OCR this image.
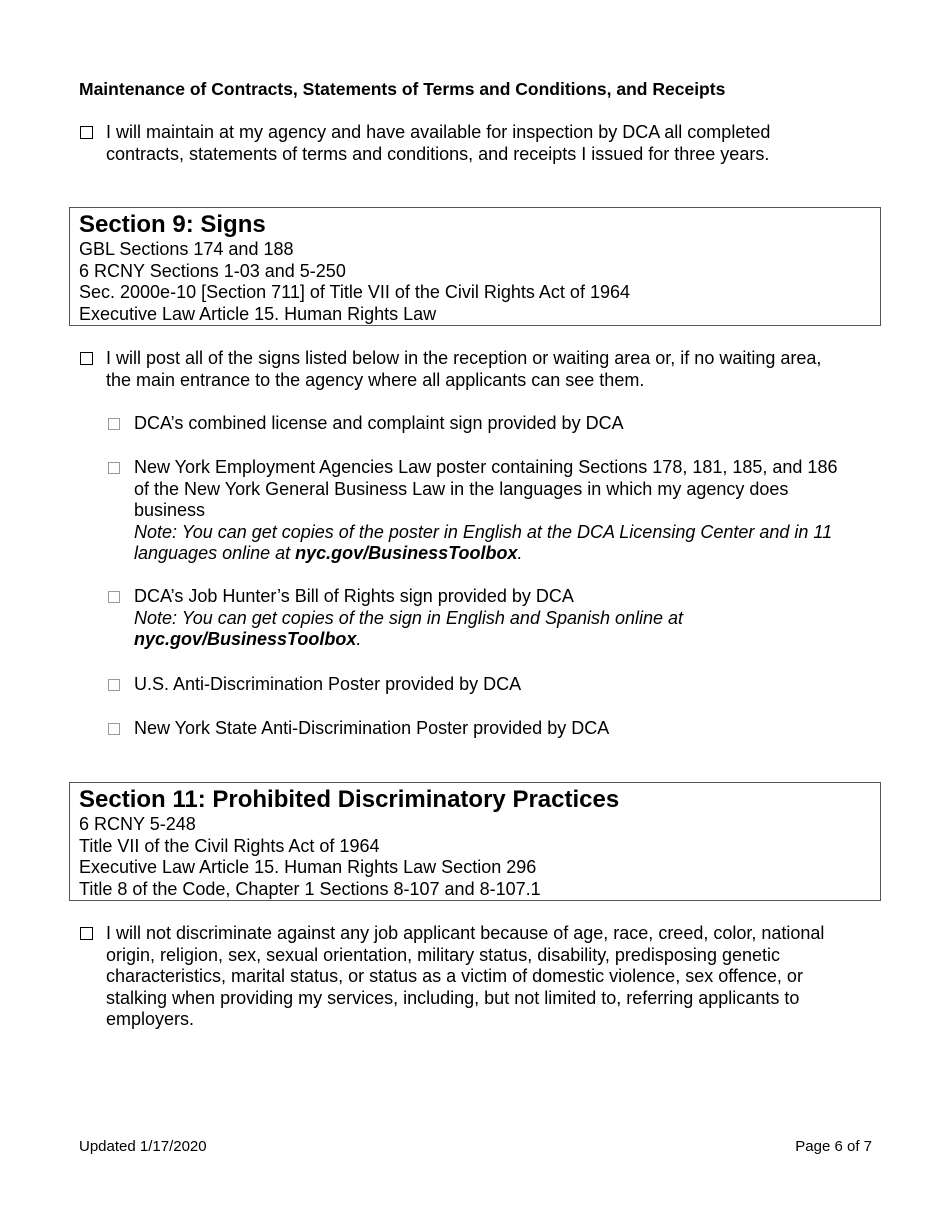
Maintenance of Contracts, Statements of Terms and Conditions, and Receipts
I will maintain at my agency and have available for inspection by DCA all completed
contracts, statements of terms and conditions, and receipts I issued for three years.
Section 9: Signs
GBL Sections 174 and 188
6 RCNY Sections 1-03 and 5-250
Sec. 2000e-10 [Section 711] of Title VII of the Civil Rights Act of 1964
Executive Law Article 15. Human Rights Law
I will post all of the signs listed below in the reception or waiting area or, if no waiting area,
the main entrance to the agency where all applicants can see them.
DCA’s combined license and complaint sign provided by DCA
New York Employment Agencies Law poster containing Sections 178, 181, 185, and 186
of the New York General Business Law in the languages in which my agency does
business
Note: You can get copies of the poster in English at the DCA Licensing Center and in 11
languages online at nyc.gov/BusinessToolbox.
DCA’s Job Hunter’s Bill of Rights sign provided by DCA
Note: You can get copies of the sign in English and Spanish online at
nyc.gov/BusinessToolbox.
U.S. Anti-Discrimination Poster provided by DCA
New York State Anti-Discrimination Poster provided by DCA
Section 11: Prohibited Discriminatory Practices
6 RCNY 5-248
Title VII of the Civil Rights Act of 1964
Executive Law Article 15. Human Rights Law Section 296
Title 8 of the Code, Chapter 1 Sections 8-107 and 8-107.1
I will not discriminate against any job applicant because of age, race, creed, color, national
origin, religion, sex, sexual orientation, military status, disability, predisposing genetic
characteristics, marital status, or status as a victim of domestic violence, sex offence, or
stalking when providing my services, including, but not limited to, referring applicants to
employers.
Updated 1/17/2020	Page 6 of 7
